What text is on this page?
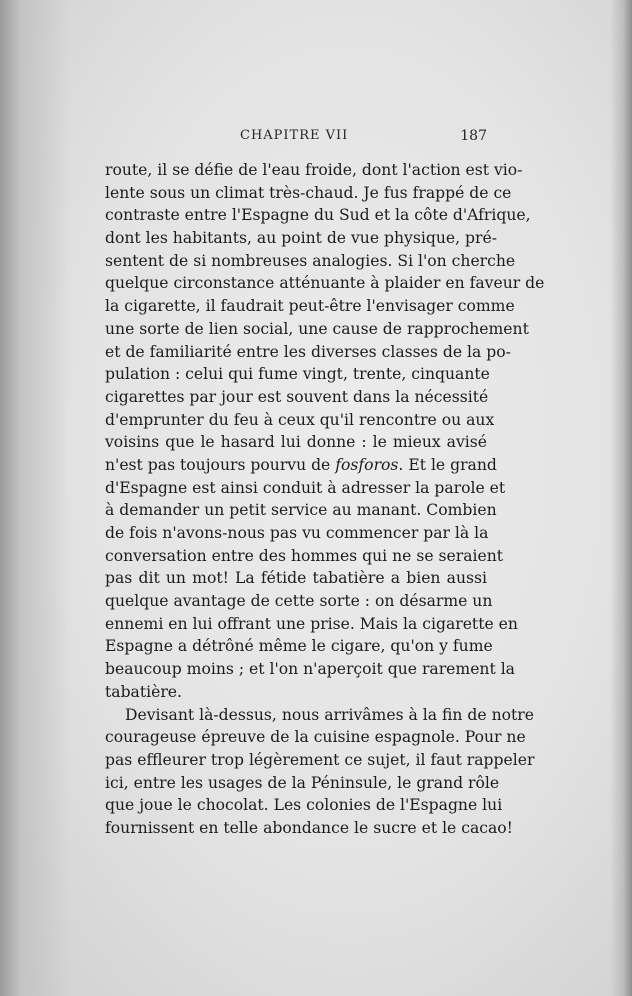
CHAPITRE VII	187
route, il se défie de l'eau froide, dont l'action est vio-
lente sous un climat très-chaud. Je fus frappé de ce
contraste entre l'Espagne du Sud et la côte d'Afrique,
dont les habitants, au point de vue physique, pré-
sentent de si nombreuses analogies. Si l'on cherche
quelque circonstance atténuante à plaider en faveur de
la cigarette, il faudrait peut-être l'envisager comme
une sorte de lien social, une cause de rapprochement
et de familiarité entre les diverses classes de la po-
pulation : celui qui fume vingt, trente, cinquante
cigarettes par jour est souvent dans la nécessité
d'emprunter du feu à ceux qu'il rencontre ou aux
voisins que le hasard lui donne : le mieux avisé
n'est pas toujours pourvu de fosforos. Et le grand
d'Espagne est ainsi conduit à adresser la parole et
à demander un petit service au manant. Combien
de fois n'avons-nous pas vu commencer par là la
conversation entre des hommes qui ne se seraient
pas dit un mot! La fétide tabatière a bien aussi
quelque avantage de cette sorte : on désarme un
ennemi en lui offrant une prise. Mais la cigarette en
Espagne a détrôné même le cigare, qu'on y fume
beaucoup moins ; et l'on n'aperçoit que rarement la
tabatière.
Devisant là-dessus, nous arrivâmes à la fin de notre
courageuse épreuve de la cuisine espagnole. Pour ne
pas effleurer trop légèrement ce sujet, il faut rappeler
ici, entre les usages de la Péninsule, le grand rôle
que joue le chocolat. Les colonies de l'Espagne lui
fournissent en telle abondance le sucre et le cacao!
